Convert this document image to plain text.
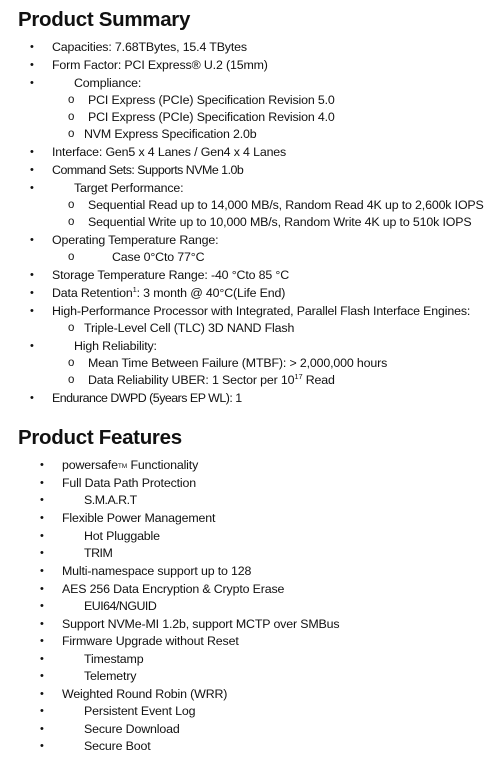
Product Summary
• Capacities: 7.68TBytes, 15.4 TBytes
• Form Factor: PCI Express® U.2 (15mm)
•	Compliance:
o PCI Express (PCIe) Specification Revision 5.0
o PCI Express (PCIe) Specification Revision 4.0
o NVM Express Specification 2.0b
• Interface: Gen5 x 4 Lanes / Gen4 x 4 Lanes
• Command Sets: Supports NVMe 1.0b
•	Target Performance:
o Sequential Read up to 14,000 MB/s, Random Read 4K up to 2,600k IOPS
o Sequential Write up to 10,000 MB/s, Random Write 4K up to 510k IOPS
• Operating Temperature Range:
o	Case 0°Cto 77°C
• Storage Temperature Range: -40 °Cto 85 °C
• Data Retention$^1$: 3 month @ 40°C(Life End)
• High-Performance Processor with Integrated, Parallel Flash Interface Engines:
o Triple-Level Cell (TLC) 3D NAND Flash
•	High Reliability:
o Mean Time Between Failure (MTBF): > 2,000,000 hours
o Data Reliability UBER: 1 Sector per $10^{17}$ Read
• Endurance DWPD (5years EP WL): 1
Product Features
• powersafeTM Functionality
• Full Data Path Protection
•	S.M.A.R.T
• Flexible Power Management
•	Hot Pluggable
•	TRIM
• Multi-namespace support up to 128
• AES 256 Data Encryption & Crypto Erase
•	EUI64/NGUID
• Support NVMe-MI 1.2b, support MCTP over SMBus
• Firmware Upgrade without Reset
•	Timestamp
•	Telemetry
• Weighted Round Robin (WRR)
•	Persistent Event Log
•	Secure Download
•	Secure Boot
